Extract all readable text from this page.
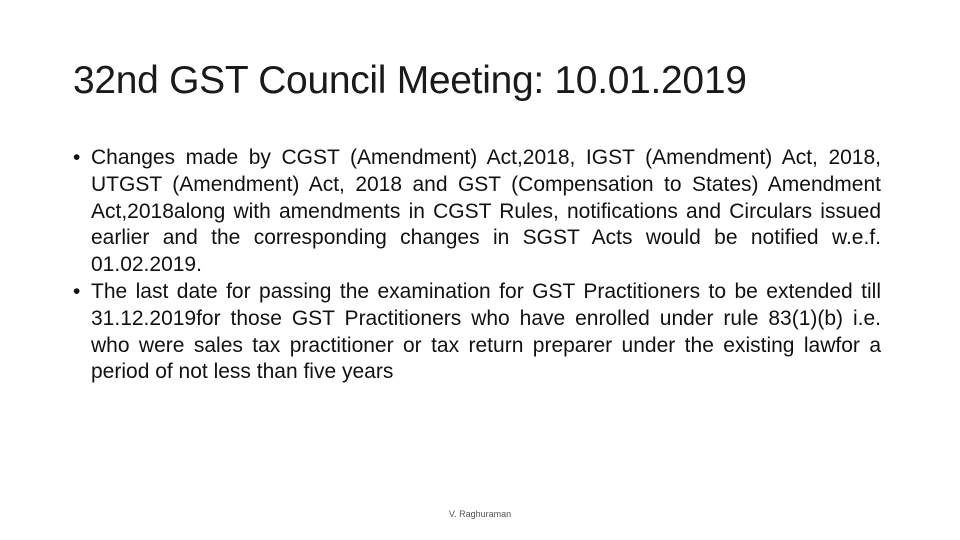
32nd GST Council Meeting: 10.01.2019
• Changes made by CGST (Amendment) Act,2018, IGST (Amendment) Act, 2018, UTGST (Amendment) Act, 2018 and GST (Compensation to States) Amendment Act,2018along with amendments in CGST Rules, notifications and Circulars issued earlier and the corresponding changes in SGST Acts would be notified w.e.f. 01.02.2019.
• The last date for passing the examination for GST Practitioners to be extended till 31.12.2019for those GST Practitioners who have enrolled under rule 83(1)(b) i.e. who were sales tax practitioner or tax return preparer under the existing lawfor a period of not less than five years
V. Raghuraman
